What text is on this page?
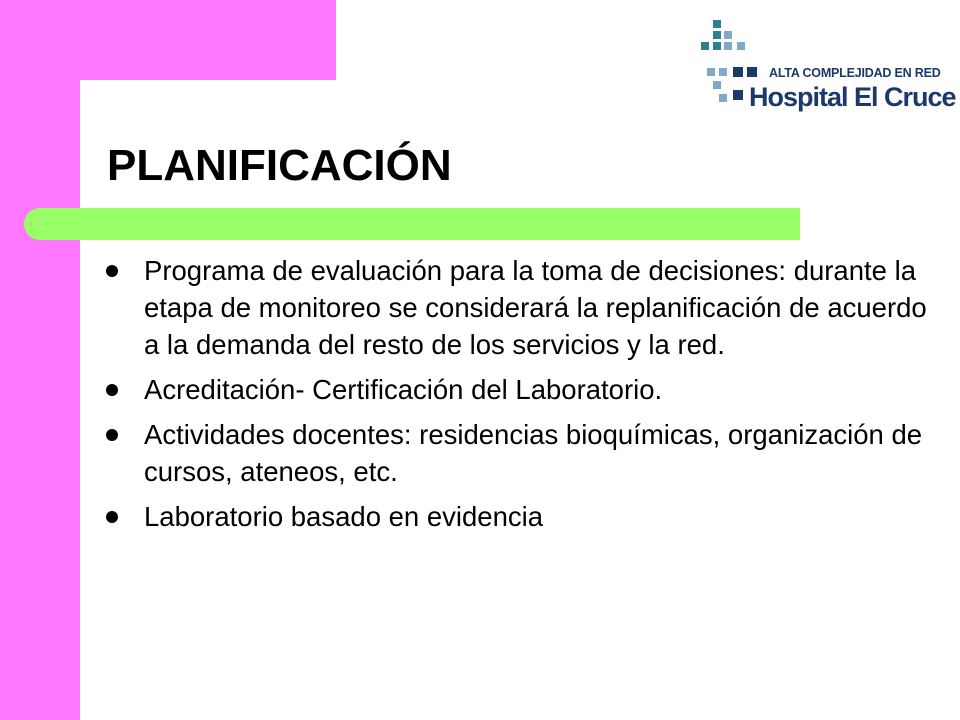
ALTA COMPLEJIDAD EN RED
Hospital El Cruce
PLANIFICACIÓN
Programa de evaluación para la toma de decisiones: durante la etapa de monitoreo se considerará la replanificación de acuerdo a la demanda del resto de los servicios y la red.
Acreditación- Certificación del Laboratorio.
Actividades docentes: residencias bioquímicas, organización de cursos, ateneos, etc.
Laboratorio basado en evidencia
